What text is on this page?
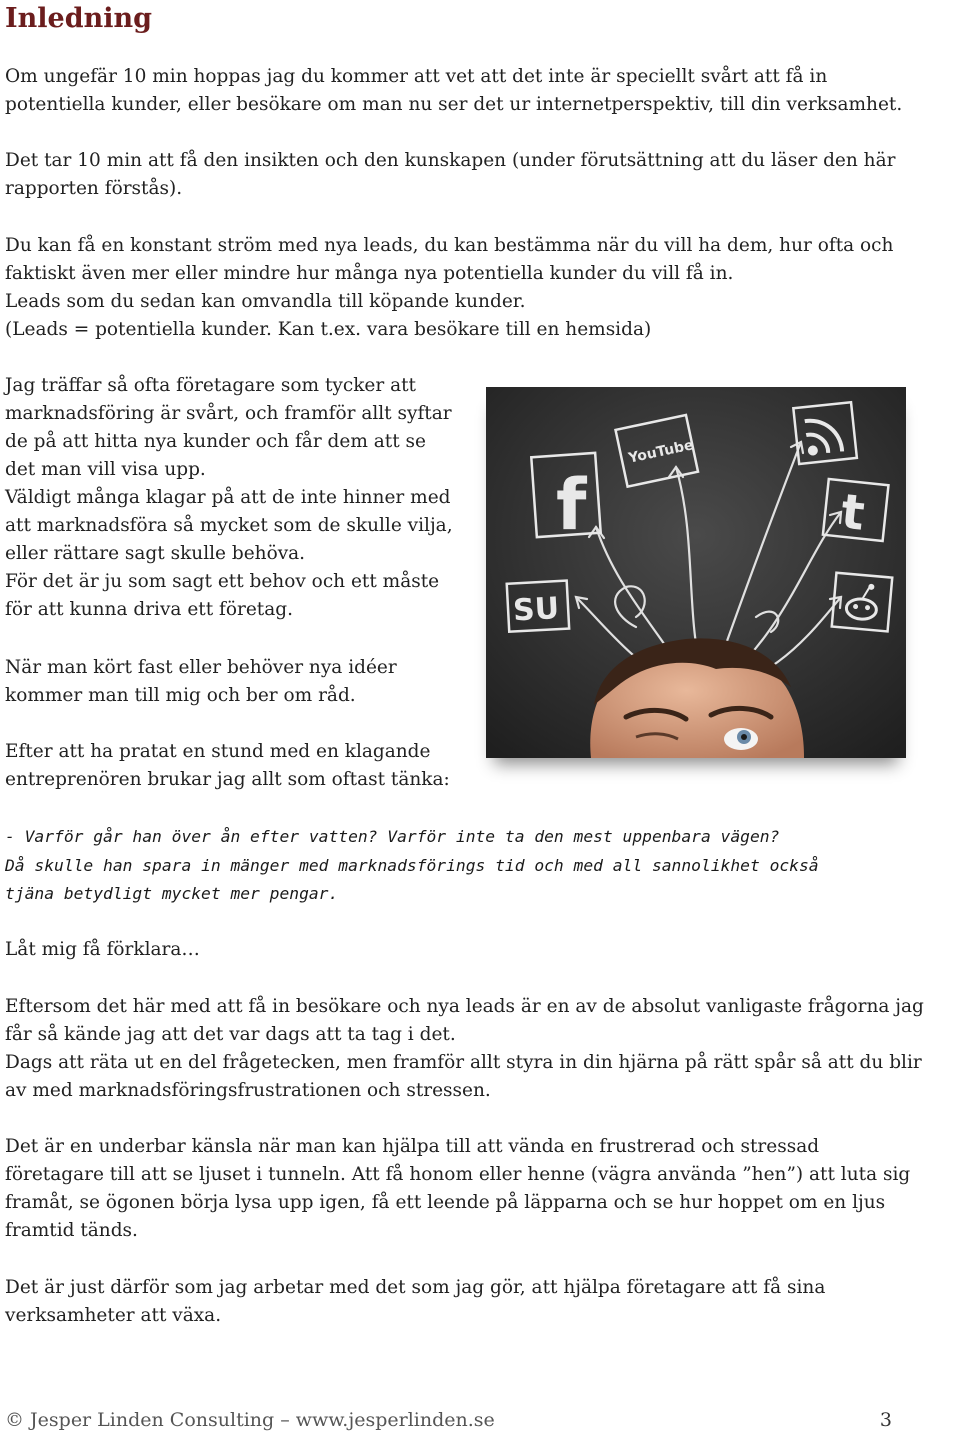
Inledning
Om ungefär 10 min hoppas jag du kommer att vet att det inte är speciellt svårt att få in
potentiella kunder, eller besökare om man nu ser det ur internetperspektiv, till din verksamhet.
Det tar 10 min att få den insikten och den kunskapen (under förutsättning att du läser den här
rapporten förstås).
Du kan få en konstant ström med nya leads, du kan bestämma när du vill ha dem, hur ofta och
faktiskt även mer eller mindre hur många nya potentiella kunder du vill få in.
Leads som du sedan kan omvandla till köpande kunder.
(Leads = potentiella kunder. Kan t.ex. vara besökare till en hemsida)
Jag träffar så ofta företagare som tycker att
marknadsföring är svårt, och framför allt syftar
de på att hitta nya kunder och får dem att se
det man vill visa upp.
Väldigt många klagar på att de inte hinner med
att marknadsföra så mycket som de skulle vilja,
eller rättare sagt skulle behöva.
För det är ju som sagt ett behov och ett måste
för att kunna driva ett företag.
När man kört fast eller behöver nya idéer
kommer man till mig och ber om råd.
Efter att ha pratat en stund med en klagande
entreprenören brukar jag allt som oftast tänka:
- Varför går han över ån efter vatten? Varför inte ta den mest uppenbara vägen?
Då skulle han spara in mänger med marknadsförings tid och med all sannolikhet också
tjäna betydligt mycket mer pengar.
Låt mig få förklara…
Eftersom det här med att få in besökare och nya leads är en av de absolut vanligaste frågorna jag
får så kände jag att det var dags att ta tag i det.
Dags att räta ut en del frågetecken, men framför allt styra in din hjärna på rätt spår så att du blir
av med marknadsföringsfrustrationen och stressen.
Det är en underbar känsla när man kan hjälpa till att vända en frustrerad och stressad
företagare till att se ljuset i tunneln. Att få honom eller henne (vägra använda ”hen”) att luta sig
framåt, se ögonen börja lysa upp igen, få ett leende på läpparna och se hur hoppet om en ljus
framtid tänds.
Det är just därför som jag arbetar med det som jag gör, att hjälpa företagare att få sina
verksamheter att växa.
f
YouTube
t
SU
© Jesper Linden Consulting – www.jesperlinden.se	3
